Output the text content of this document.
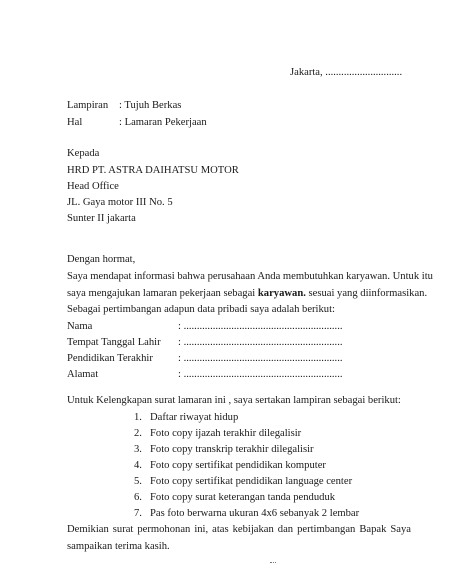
Jakarta, .............................
Lampiran : Tujuh Berkas
Hal	: Lamaran Pekerjaan
Kepada
HRD PT. ASTRA DAIHATSU MOTOR
Head Office
JL. Gaya motor III No. 5
Sunter II jakarta
Dengan hormat,
Saya mendapat informasi bahwa perusahaan Anda membutuhkan karyawan. Untuk itu
saya mengajukan lamaran pekerjaan sebagai karyawan. sesuai yang diinformasikan.
Sebagai pertimbangan adapun data pribadi saya adalah berikut:
Nama	: ............................................................
Tempat Tanggal Lahir : ............................................................
Pendidikan Terakhir : ............................................................
Alamat	: ............................................................
Untuk Kelengkapan surat lamaran ini , saya sertakan lampiran sebagai berikut:
1. Daftar riwayat hidup
2. Foto copy ijazah terakhir dilegalisir
3. Foto copy transkrip terakhir dilegalisir
4. Foto copy sertifikat pendidikan komputer
5. Foto copy sertifikat pendidikan language center
6. Foto copy surat keterangan tanda penduduk
7. Pas foto berwarna ukuran 4x6 sebanyak 2 lembar
Demikian surat permohonan ini, atas kebijakan dan pertimbangan Bapak Saya
sampaikan terima kasih.
